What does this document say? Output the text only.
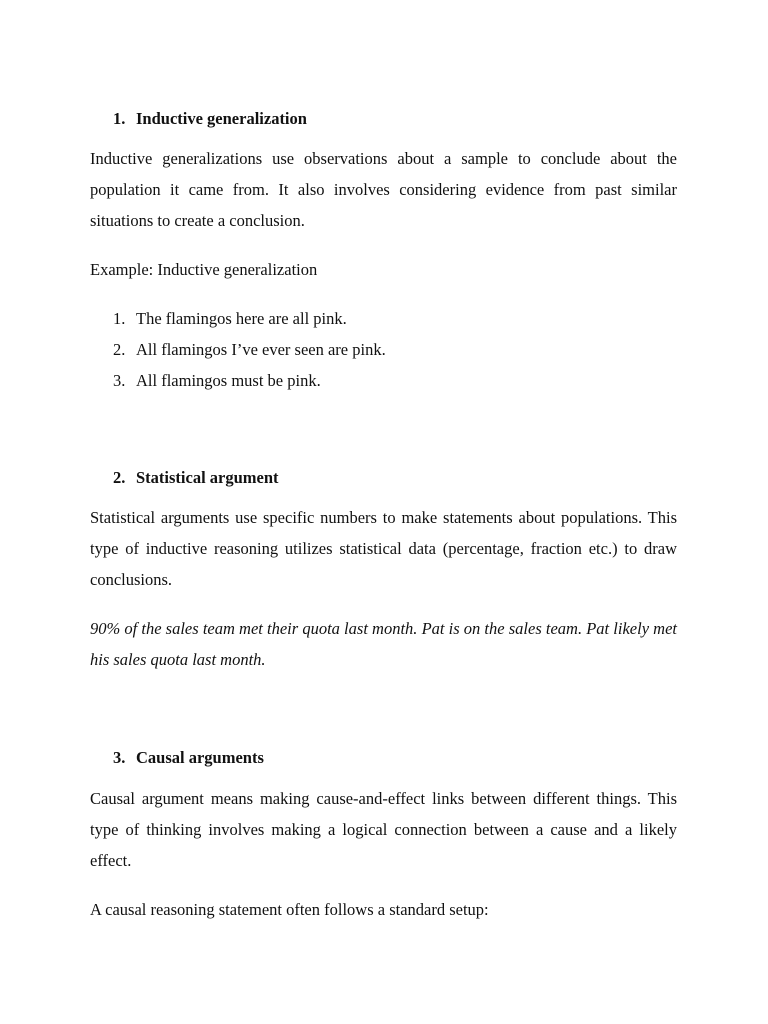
1. Inductive generalization
Inductive generalizations use observations about a sample to conclude about the population it came from. It also involves considering evidence from past similar situations to create a conclusion.
Example: Inductive generalization
1. The flamingos here are all pink.
2. All flamingos I’ve ever seen are pink.
3. All flamingos must be pink.
2. Statistical argument
Statistical arguments use specific numbers to make statements about populations. This type of inductive reasoning utilizes statistical data (percentage, fraction etc.) to draw conclusions.
90% of the sales team met their quota last month. Pat is on the sales team. Pat likely met his sales quota last month.
3. Causal arguments
Causal argument means making cause-and-effect links between different things. This type of thinking involves making a logical connection between a cause and a likely effect.
A causal reasoning statement often follows a standard setup:
